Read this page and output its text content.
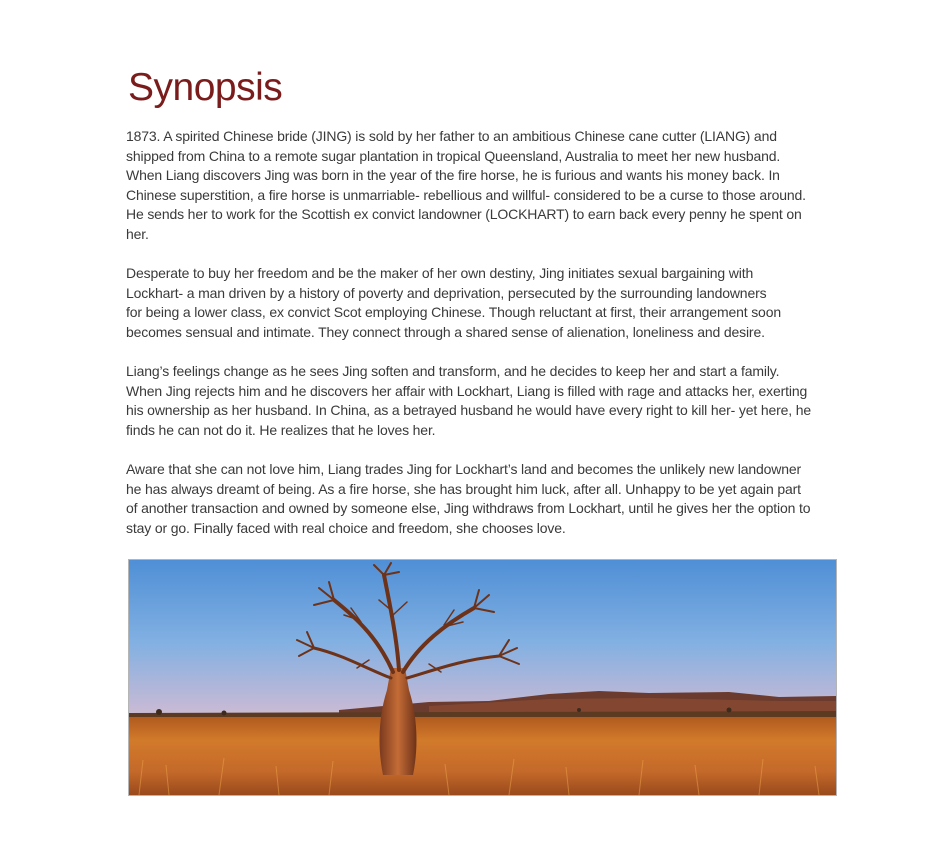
Synopsis

1873. A spirited Chinese bride (JING) is sold by her father to an ambitious Chinese cane cutter (LIANG) and
shipped from China to a remote sugar plantation in tropical Queensland, Australia to meet her new husband.
When Liang discovers Jing was born in the year of the fire horse, he is furious and wants his money back. In
Chinese superstition, a fire horse is unmarriable- rebellious and willful- considered to be a curse to those around.
He sends her to work for the Scottish ex convict landowner (LOCKHART) to earn back every penny he spent on
her.

Desperate to buy her freedom and be the maker of her own destiny, Jing initiates sexual bargaining with
Lockhart- a man driven by a history of poverty and deprivation, persecuted by the surrounding landowners
for being a lower class, ex convict Scot employing Chinese. Though reluctant at first, their arrangement soon
becomes sensual and intimate. They connect through a shared sense of alienation, loneliness and desire.

Liang’s feelings change as he sees Jing soften and transform, and he decides to keep her and start a family.
When Jing rejects him and he discovers her affair with Lockhart, Liang is filled with rage and attacks her, exerting
his ownership as her husband. In China, as a betrayed husband he would have every right to kill her- yet here, he
finds he can not do it. He realizes that he loves her.

Aware that she can not love him, Liang trades Jing for Lockhart’s land and becomes the unlikely new landowner
he has always dreamt of being. As a fire horse, she has brought him luck, after all. Unhappy to be yet again part
of another transaction and owned by someone else, Jing withdraws from Lockhart, until he gives her the option to
stay or go. Finally faced with real choice and freedom, she chooses love.
